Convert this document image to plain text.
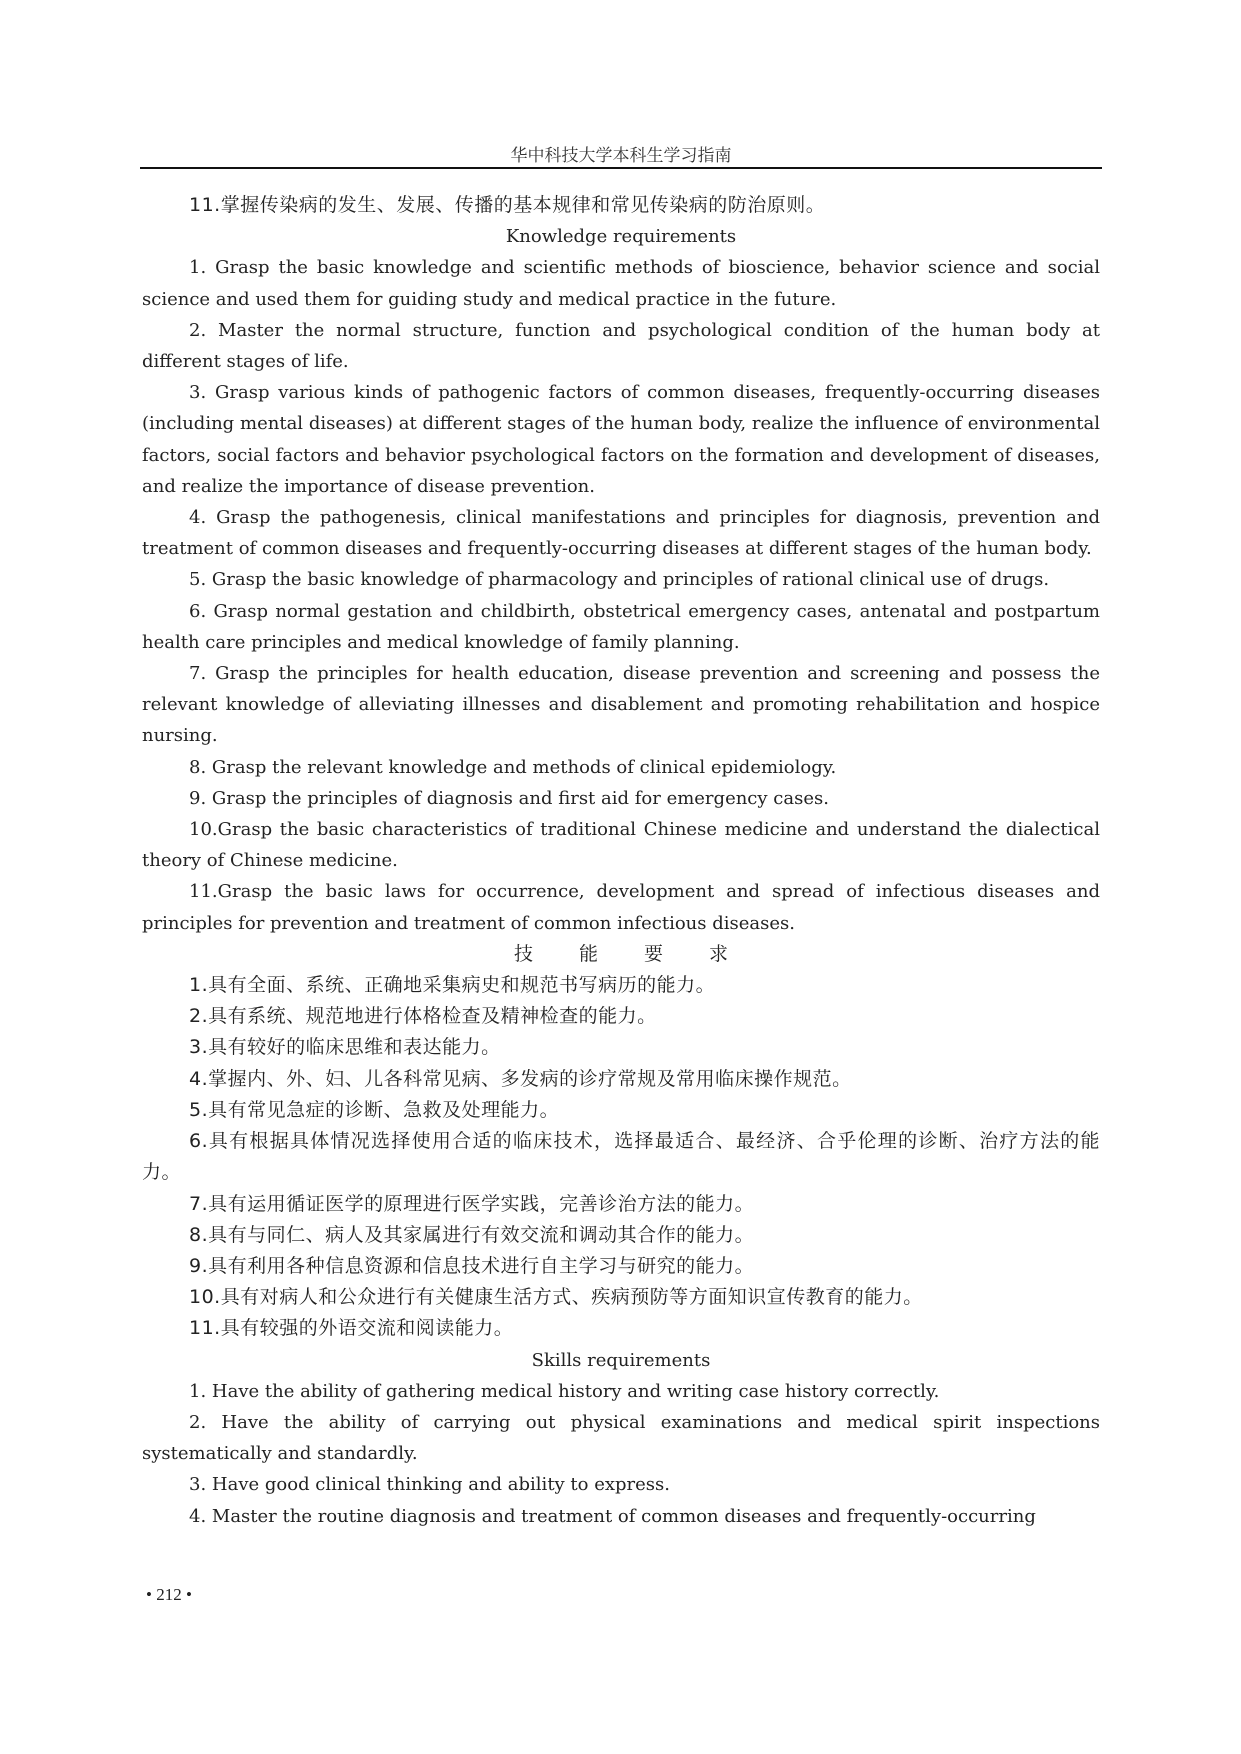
华中科技大学本科生学习指南

11.掌握传染病的发生、发展、传播的基本规律和常见传染病的防治原则。

Knowledge requirements

1. Grasp the basic knowledge and scientific methods of bioscience, behavior science and social science and used them for guiding study and medical practice in the future.

2. Master the normal structure, function and psychological condition of the human body at different stages of life.

3. Grasp various kinds of pathogenic factors of common diseases, frequently-occurring diseases (including mental diseases) at different stages of the human body, realize the influence of environmental factors, social factors and behavior psychological factors on the formation and development of diseases, and realize the importance of disease prevention.

4. Grasp the pathogenesis, clinical manifestations and principles for diagnosis, prevention and treatment of common diseases and frequently-occurring diseases at different stages of the human body.

5. Grasp the basic knowledge of pharmacology and principles of rational clinical use of drugs.

6. Grasp normal gestation and childbirth, obstetrical emergency cases, antenatal and postpartum health care principles and medical knowledge of family planning.

7. Grasp the principles for health education, disease prevention and screening and possess the relevant knowledge of alleviating illnesses and disablement and promoting rehabilitation and hospice nursing.

8. Grasp the relevant knowledge and methods of clinical epidemiology.

9. Grasp the principles of diagnosis and first aid for emergency cases.

10.Grasp the basic characteristics of traditional Chinese medicine and understand the dialectical theory of Chinese medicine.

11.Grasp the basic laws for occurrence, development and spread of infectious diseases and principles for prevention and treatment of common infectious diseases.

技 能 要 求

1.具有全面、系统、正确地采集病史和规范书写病历的能力。

2.具有系统、规范地进行体格检查及精神检查的能力。

3.具有较好的临床思维和表达能力。

4.掌握内、外、妇、儿各科常见病、多发病的诊疗常规及常用临床操作规范。

5.具有常见急症的诊断、急救及处理能力。

6.具有根据具体情况选择使用合适的临床技术，选择最适合、最经济、合乎伦理的诊断、治疗方法的能力。

7.具有运用循证医学的原理进行医学实践，完善诊治方法的能力。

8.具有与同仁、病人及其家属进行有效交流和调动其合作的能力。

9.具有利用各种信息资源和信息技术进行自主学习与研究的能力。

10.具有对病人和公众进行有关健康生活方式、疾病预防等方面知识宣传教育的能力。

11.具有较强的外语交流和阅读能力。

Skills requirements

1. Have the ability of gathering medical history and writing case history correctly.

2. Have the ability of carrying out physical examinations and medical spirit inspections systematically and standardly.

3. Have good clinical thinking and ability to express.

4. Master the routine diagnosis and treatment of common diseases and frequently-occurring

• 212 •
